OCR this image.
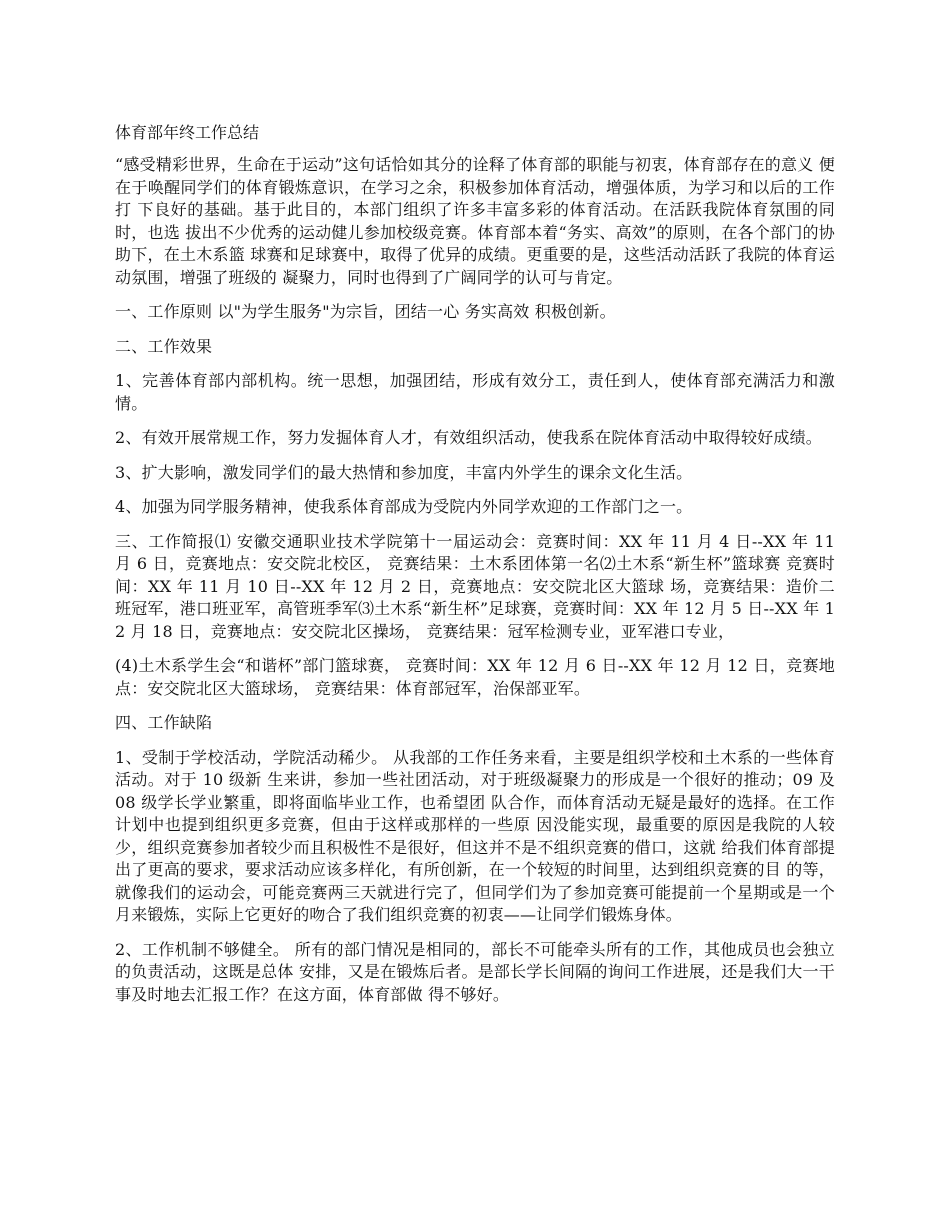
体育部年终工作总结

“感受精彩世界，生命在于运动”这句话恰如其分的诠释了体育部的职能与初衷，体育部存在的意义 便在于唤醒同学们的体育锻炼意识，在学习之余，积极参加体育活动，增强体质，为学习和以后的工作打 下良好的基础。基于此目的，本部门组织了许多丰富多彩的体育活动。在活跃我院体育氛围的同时，也选 拔出不少优秀的运动健儿参加校级竞赛。体育部本着“务实、高效”的原则，在各个部门的协助下，在土木系篮 球赛和足球赛中，取得了优异的成绩。更重要的是，这些活动活跃了我院的体育运动氛围，增强了班级的 凝聚力，同时也得到了广阔同学的认可与肯定。

一、工作原则 以"为学生服务"为宗旨，团结一心 务实高效 积极创新。

二、工作效果

1、完善体育部内部机构。统一思想，加强团结，形成有效分工，责任到人，使体育部充满活力和激情。

2、有效开展常规工作，努力发掘体育人才，有效组织活动，使我系在院体育活动中取得较好成绩。

3、扩大影响，激发同学们的最大热情和参加度，丰富内外学生的课余文化生活。

4、加强为同学服务精神，使我系体育部成为受院内外同学欢迎的工作部门之一。

三、工作简报⑴ 安徽交通职业技术学院第十一届运动会：竞赛时间：XX 年 11 月 4 日--XX 年 11 月 6 日，竞赛地点：安交院北校区， 竞赛结果：土木系团体第一名⑵土木系“新生杯”篮球赛 竞赛时间：XX 年 11 月 10 日--XX 年 12 月 2 日，竞赛地点：安交院北区大篮球 场，竞赛结果：造价二班冠军，港口班亚军，高管班季军⑶土木系“新生杯”足球赛，竞赛时间：XX 年 12 月 5 日--XX 年 12 月 18 日，竞赛地点：安交院北区操场， 竞赛结果：冠军检测专业，亚军港口专业，

(4)土木系学生会“和谐杯”部门篮球赛， 竞赛时间：XX 年 12 月 6 日--XX 年 12 月 12 日，竞赛地点：安交院北区大篮球场， 竞赛结果：体育部冠军，治保部亚军。

四、工作缺陷

1、受制于学校活动，学院活动稀少。 从我部的工作任务来看，主要是组织学校和土木系的一些体育活动。对于 10 级新 生来讲，参加一些社团活动，对于班级凝聚力的形成是一个很好的推动；09 及 08 级学长学业繁重，即将面临毕业工作，也希望团 队合作，而体育活动无疑是最好的选择。在工作计划中也提到组织更多竞赛，但由于这样或那样的一些原 因没能实现，最重要的原因是我院的人较少，组织竞赛参加者较少而且积极性不是很好，但这并不是不组织竞赛的借口，这就 给我们体育部提出了更高的要求，要求活动应该多样化，有所创新，在一个较短的时间里，达到组织竞赛的目 的等，就像我们的运动会，可能竞赛两三天就进行完了，但同学们为了参加竞赛可能提前一个星期或是一个 月来锻炼，实际上它更好的吻合了我们组织竞赛的初衷——让同学们锻炼身体。

2、工作机制不够健全。 所有的部门情况是相同的，部长不可能牵头所有的工作，其他成员也会独立的负责活动，这既是总体 安排，又是在锻炼后者。是部长学长间隔的询问工作进展，还是我们大一干事及时地去汇报工作？在这方面，体育部做 得不够好。
